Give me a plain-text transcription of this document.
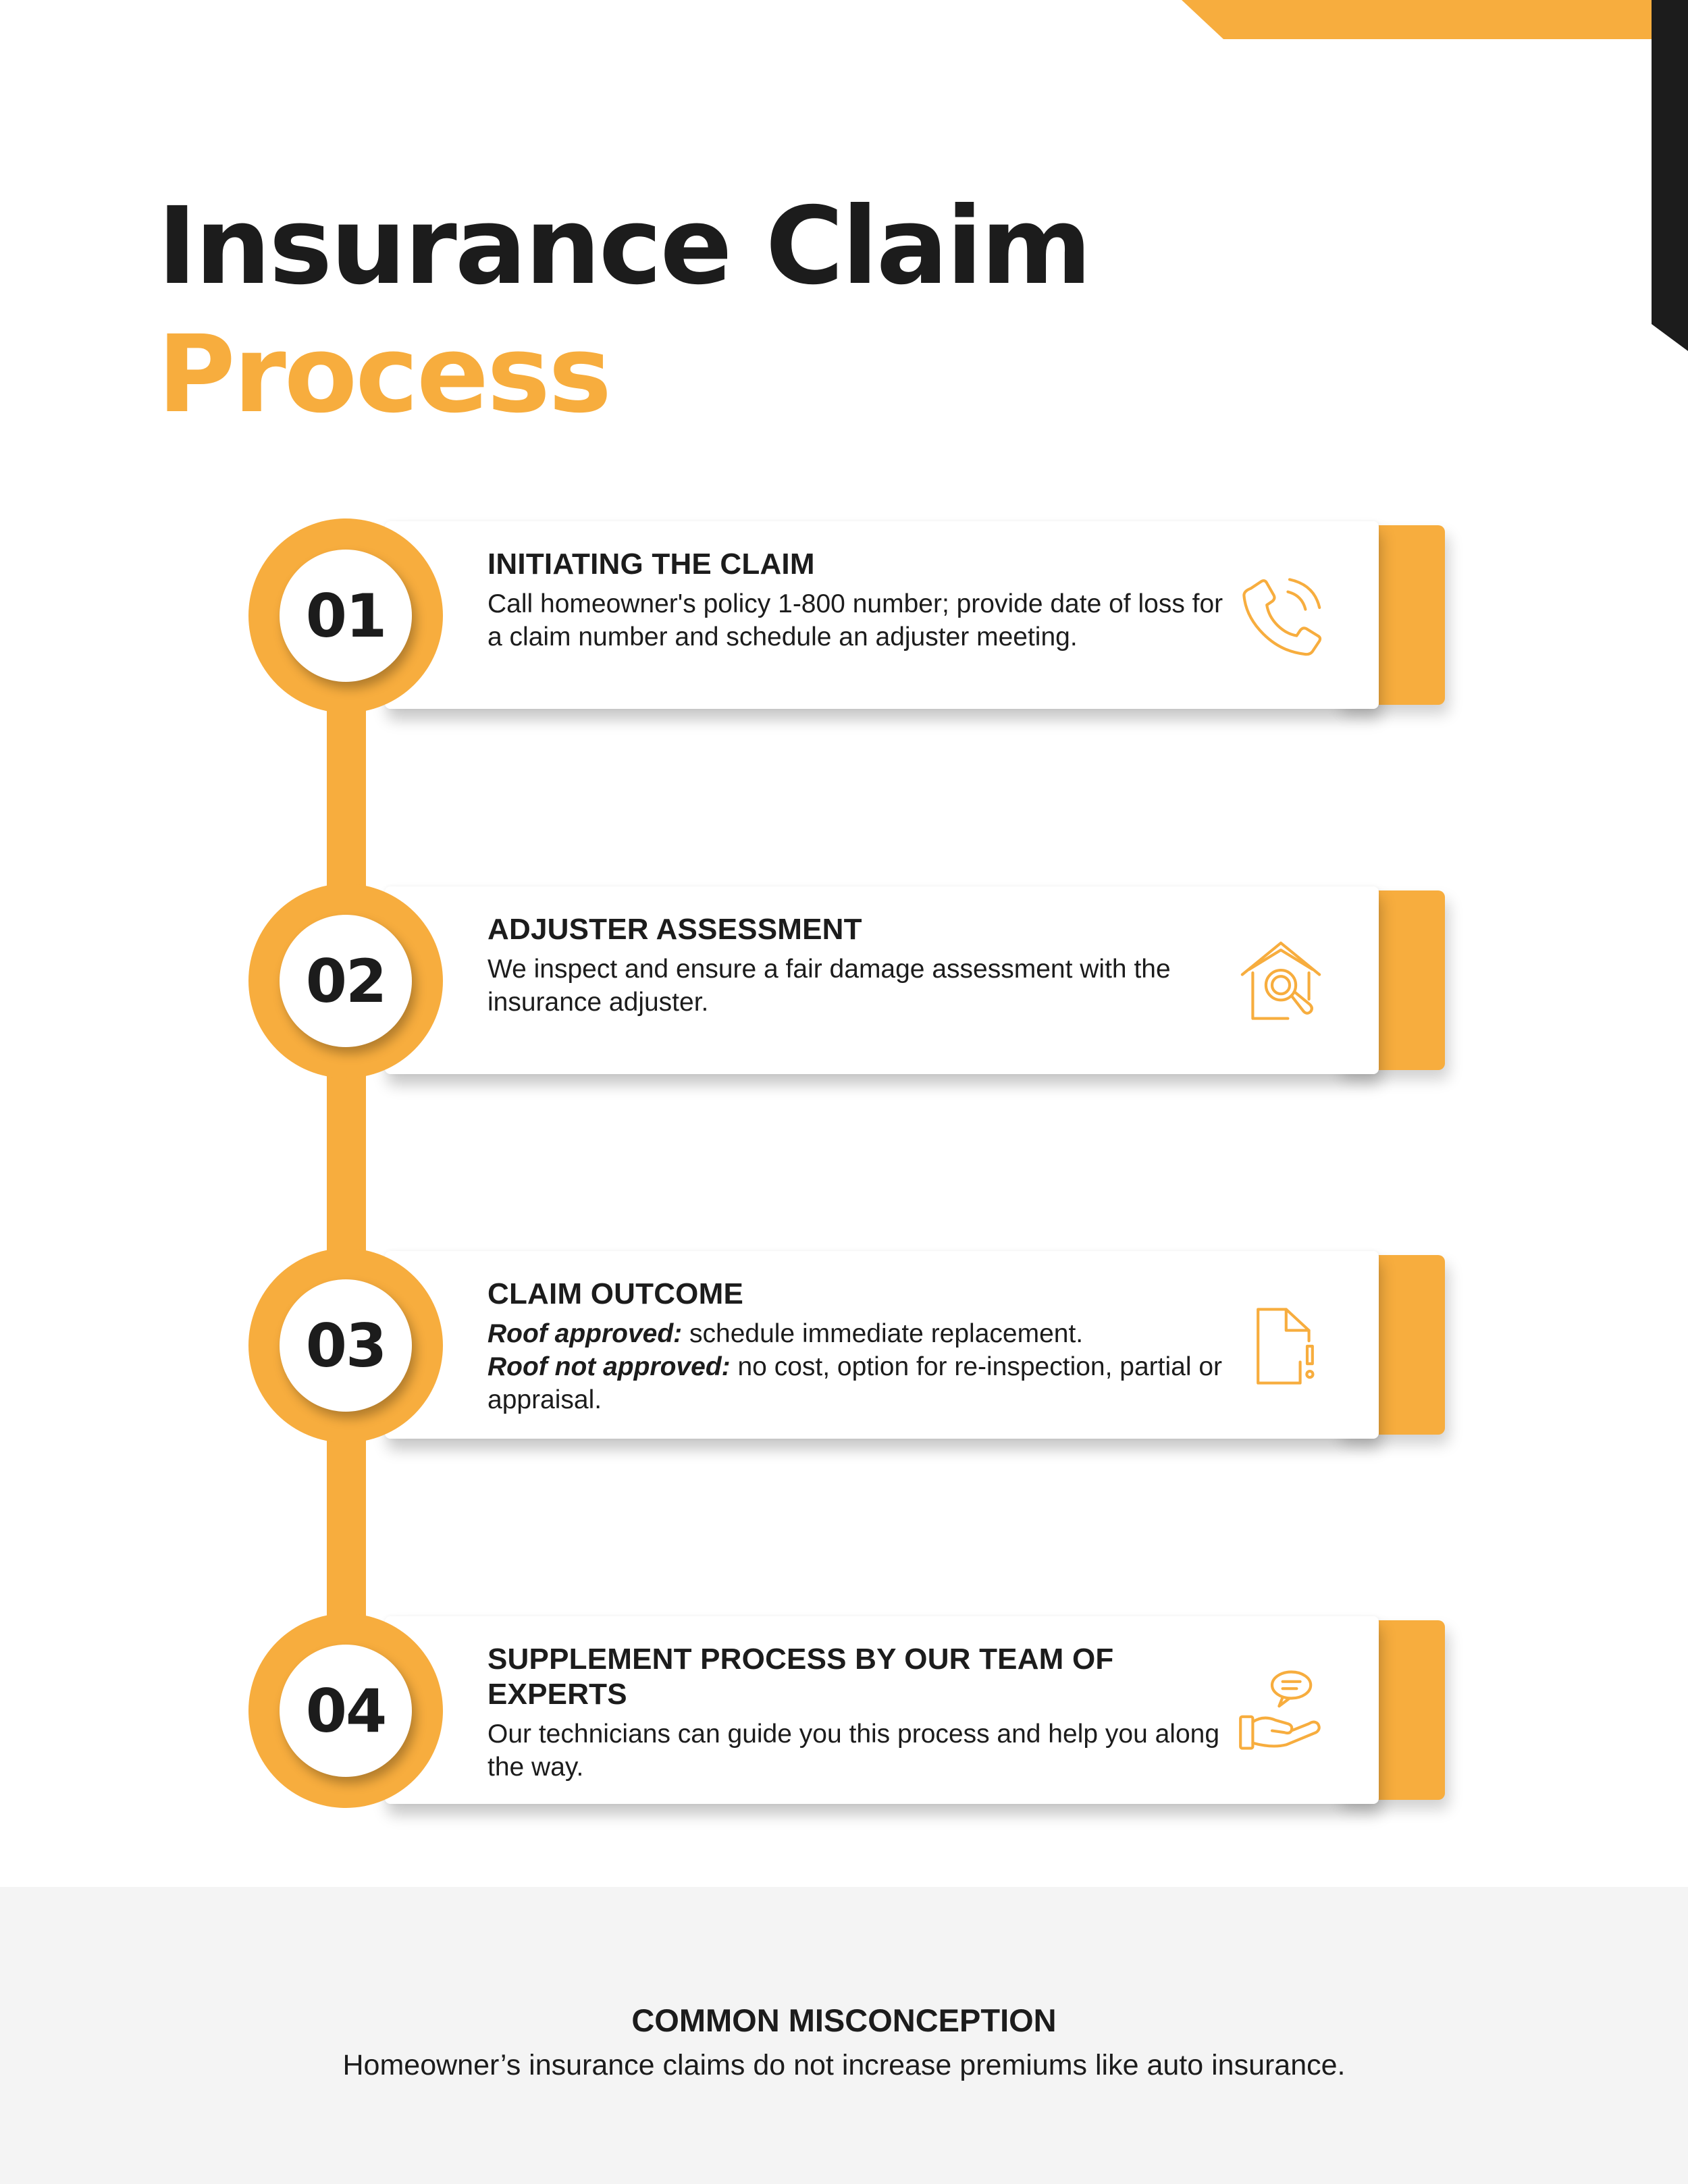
Insurance Claim
Process
01
INITIATING THE CLAIM
Call homeowner's policy 1-800 number; provide date of loss for a claim number and schedule an adjuster meeting.
02
ADJUSTER ASSESSMENT
We inspect and ensure a fair damage assessment with the insurance adjuster.
03
CLAIM OUTCOME
Roof approved: schedule immediate replacement.
Roof not approved: no cost, option for re-inspection, partial or appraisal.
04
SUPPLEMENT PROCESS BY OUR TEAM OF EXPERTS
Our technicians can guide you this process and help you along the way.
COMMON MISCONCEPTION
Homeowner’s insurance claims do not increase premiums like auto insurance.
